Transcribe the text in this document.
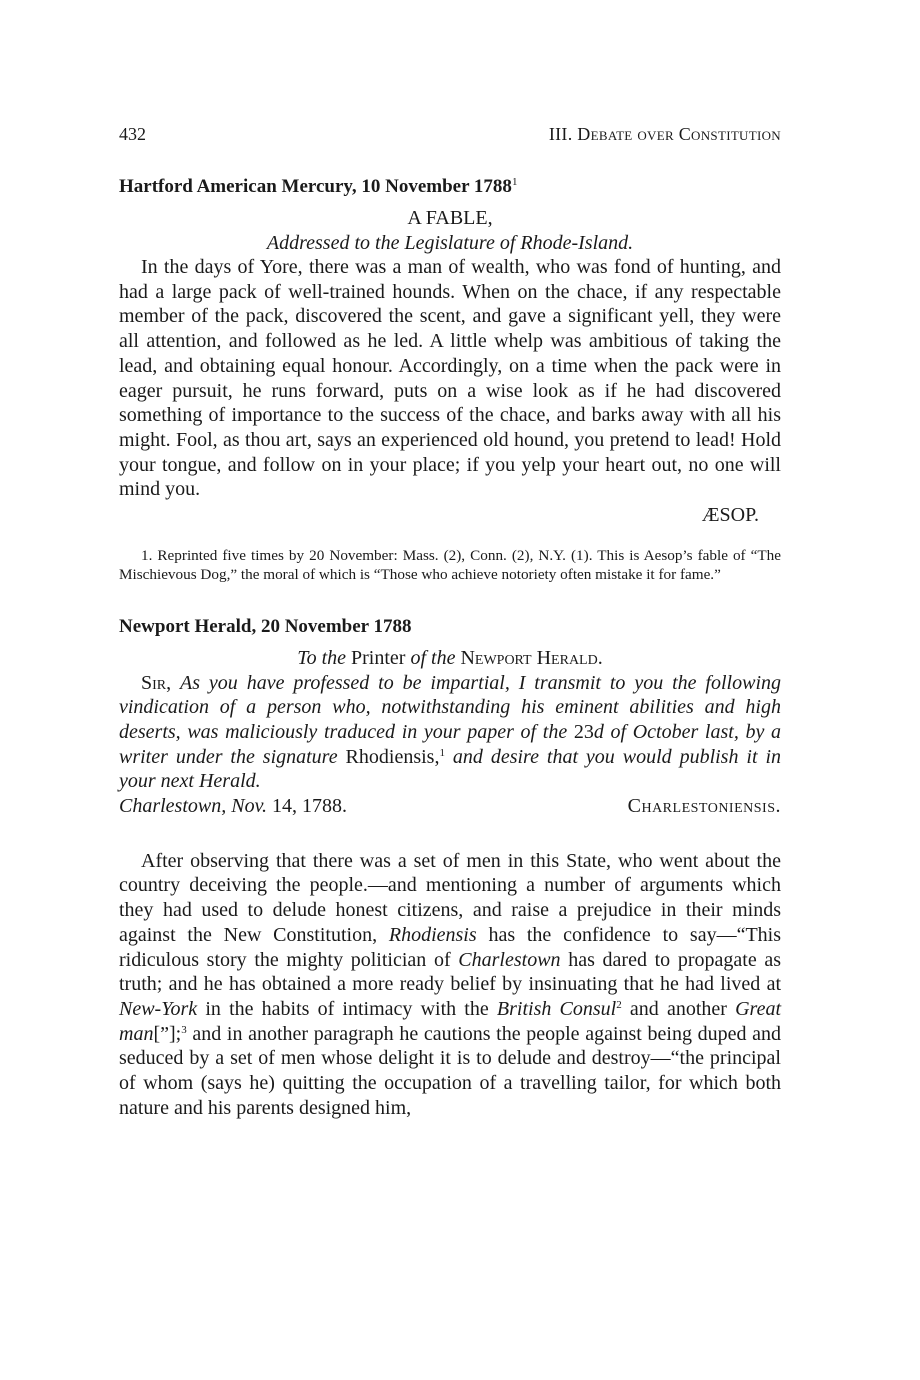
432	III. Debate over Constitution
Hartford American Mercury, 10 November 1788$^1$
A FABLE,
Addressed to the Legislature of Rhode-Island.

In the days of Yore, there was a man of wealth, who was fond of hunting, and had a large pack of well-trained hounds. When on the chace, if any respectable member of the pack, discovered the scent, and gave a significant yell, they were all attention, and followed as he led. A little whelp was ambitious of taking the lead, and obtaining equal honour. Accordingly, on a time when the pack were in eager pursuit, he runs forward, puts on a wise look as if he had discovered something of importance to the success of the chace, and barks away with all his might. Fool, as thou art, says an experienced old hound, you pretend to lead! Hold your tongue, and follow on in your place; if you yelp your heart out, no one will mind you.

ÆSOP.
1. Reprinted five times by 20 November: Mass. (2), Conn. (2), N.Y. (1). This is Aesop’s fable of “The Mischievous Dog,” the moral of which is “Those who achieve notoriety often mistake it for fame.”
Newport Herald, 20 November 1788
To the Printer of the Newport Herald.

Sir, As you have professed to be impartial, I transmit to you the following vindication of a person who, notwithstanding his eminent abilities and high deserts, was maliciously traduced in your paper of the 23d of October last, by a writer under the signature Rhodiensis,$^1$ and desire that you would publish it in your next Herald.

Charlestown, Nov. 14, 1788.	Charlestoniensis.

After observing that there was a set of men in this State, who went about the country deceiving the people.—and mentioning a number of arguments which they had used to delude honest citizens, and raise a prejudice in their minds against the New Constitution, Rhodiensis has the confidence to say—“This ridiculous story the mighty politician of Charlestown has dared to propagate as truth; and he has obtained a more ready belief by insinuating that he had lived at New-York in the habits of intimacy with the British Consul$^2$ and another Great man[”];$^3$ and in another paragraph he cautions the people against being duped and seduced by a set of men whose delight it is to delude and destroy—“the principal of whom (says he) quitting the occupation of a travelling tailor, for which both nature and his parents designed him,
